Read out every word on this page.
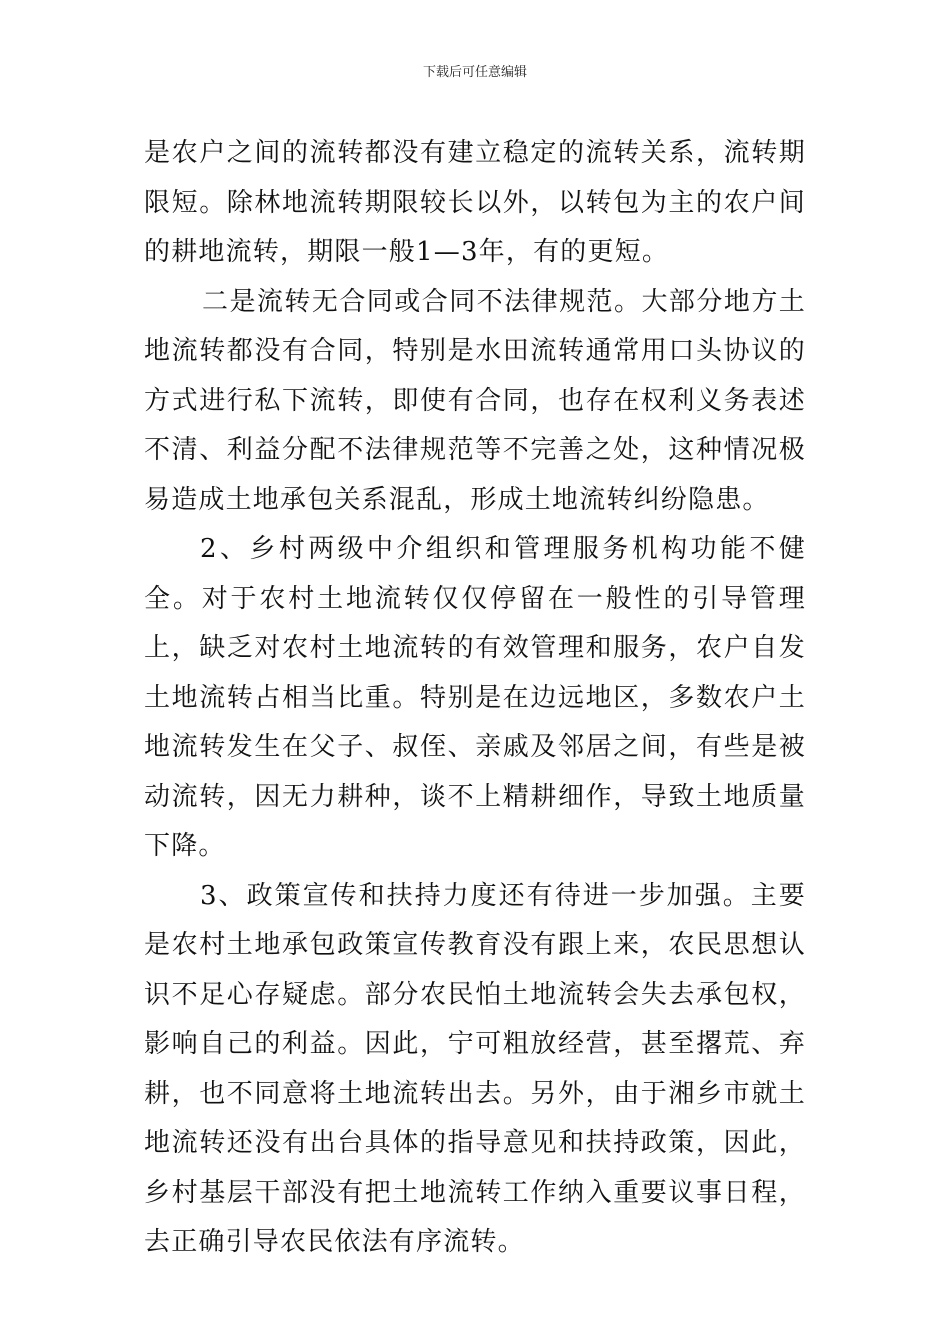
下载后可任意编辑

是农户之间的流转都没有建立稳定的流转关系，流转期限短。除林地流转期限较长以外，以转包为主的农户间的耕地流转，期限一般1—3年，有的更短。

二是流转无合同或合同不法律规范。大部分地方土地流转都没有合同，特别是水田流转通常用口头协议的方式进行私下流转，即使有合同，也存在权利义务表述不清、利益分配不法律规范等不完善之处，这种情况极易造成土地承包关系混乱，形成土地流转纠纷隐患。

2、乡村两级中介组织和管理服务机构功能不健全。对于农村土地流转仅仅停留在一般性的引导管理上，缺乏对农村土地流转的有效管理和服务，农户自发土地流转占相当比重。特别是在边远地区，多数农户土地流转发生在父子、叔侄、亲戚及邻居之间，有些是被动流转，因无力耕种，谈不上精耕细作，导致土地质量下降。

3、政策宣传和扶持力度还有待进一步加强。主要是农村土地承包政策宣传教育没有跟上来，农民思想认识不足心存疑虑。部分农民怕土地流转会失去承包权，影响自己的利益。因此，宁可粗放经营，甚至撂荒、弃耕，也不同意将土地流转出去。另外，由于湘乡市就土地流转还没有出台具体的指导意见和扶持政策，因此，乡村基层干部没有把土地流转工作纳入重要议事日程，去正确引导农民依法有序流转。
